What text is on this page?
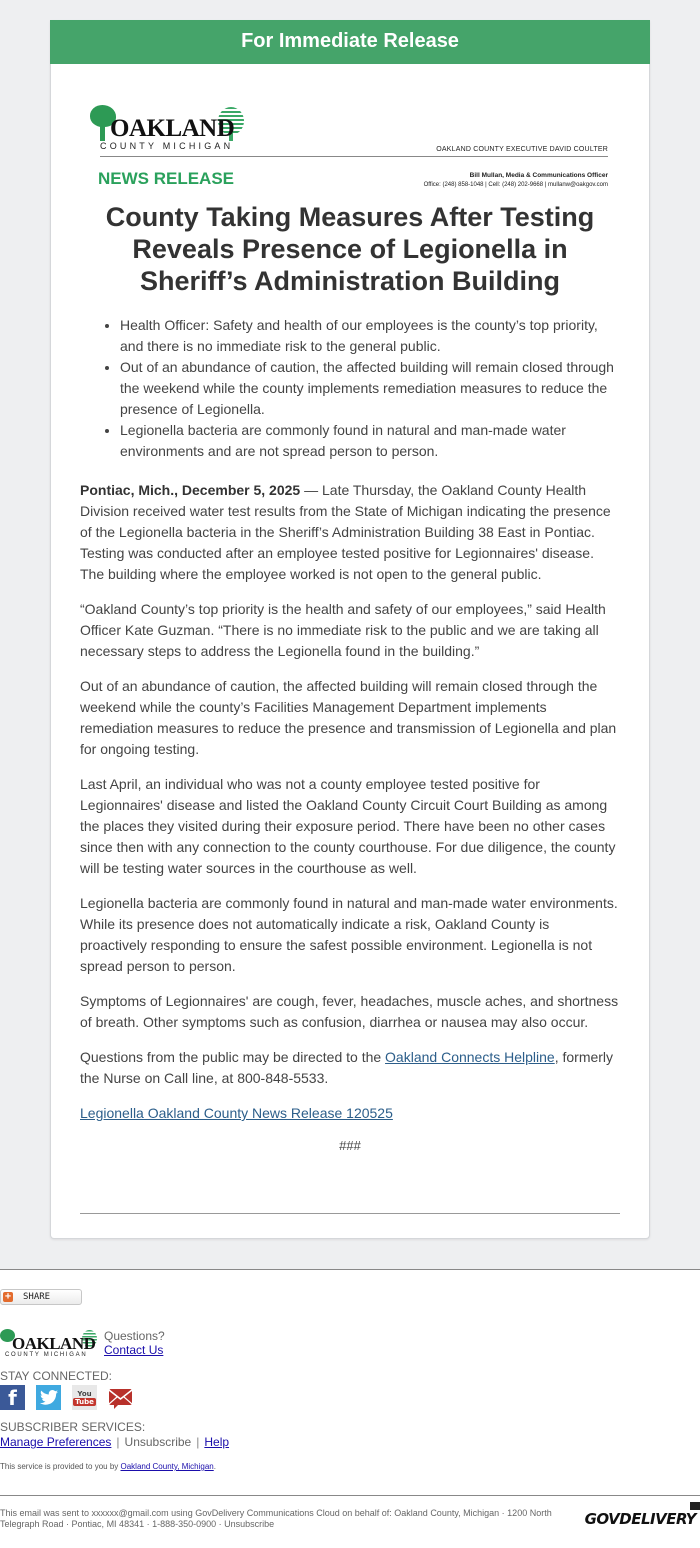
For Immediate Release
OAKLAND
COUNTY MICHIGAN	OAKLAND COUNTY EXECUTIVE DAVID COULTER
NEWS RELEASE	Bill Mullan, Media & Communications Officer
Office: (248) 858-1048 | Cell: (248) 202-9668 | mullanw@oakgov.com
County Taking Measures After Testing Reveals Presence of Legionella in Sheriff’s Administration Building
• Health Officer: Safety and health of our employees is the county’s top priority, and there is no immediate risk to the general public.
• Out of an abundance of caution, the affected building will remain closed through the weekend while the county implements remediation measures to reduce the presence of Legionella.
• Legionella bacteria are commonly found in natural and man-made water environments and are not spread person to person.

Pontiac, Mich., December 5, 2025 — Late Thursday, the Oakland County Health Division received water test results from the State of Michigan indicating the presence of the Legionella bacteria in the Sheriff’s Administration Building 38 East in Pontiac. Testing was conducted after an employee tested positive for Legionnaires' disease. The building where the employee worked is not open to the general public.

“Oakland County’s top priority is the health and safety of our employees,” said Health Officer Kate Guzman. “There is no immediate risk to the public and we are taking all necessary steps to address the Legionella found in the building.”

Out of an abundance of caution, the affected building will remain closed through the weekend while the county’s Facilities Management Department implements remediation measures to reduce the presence and transmission of Legionella and plan for ongoing testing.

Last April, an individual who was not a county employee tested positive for Legionnaires' disease and listed the Oakland County Circuit Court Building as among the places they visited during their exposure period. There have been no other cases since then with any connection to the county courthouse. For due diligence, the county will be testing water sources in the courthouse as well.

Legionella bacteria are commonly found in natural and man-made water environments. While its presence does not automatically indicate a risk, Oakland County is proactively responding to ensure the safest possible environment. Legionella is not spread person to person.

Symptoms of Legionnaires' are cough, fever, headaches, muscle aches, and shortness of breath. Other symptoms such as confusion, diarrhea or nausea may also occur.

Questions from the public may be directed to the Oakland Connects Helpline, formerly the Nurse on Call line, at 800-848-5533.

Legionella Oakland County News Release 120525

###
+ SHARE
OAKLAND
COUNTY MICHIGAN
Questions?
Contact Us
STAY CONNECTED:
f	You
Tube
SUBSCRIBER SERVICES:
Manage Preferences | Unsubscribe | Help
This service is provided to you by Oakland County, Michigan.
This email was sent to xxxxxx@gmail.com using GovDelivery Communications Cloud on behalf of: Oakland County, Michigan · 1200 North Telegraph Road · Pontiac, MI 48341 · 1-888-350-0900 · Unsubscribe	GOVDELIVERY
